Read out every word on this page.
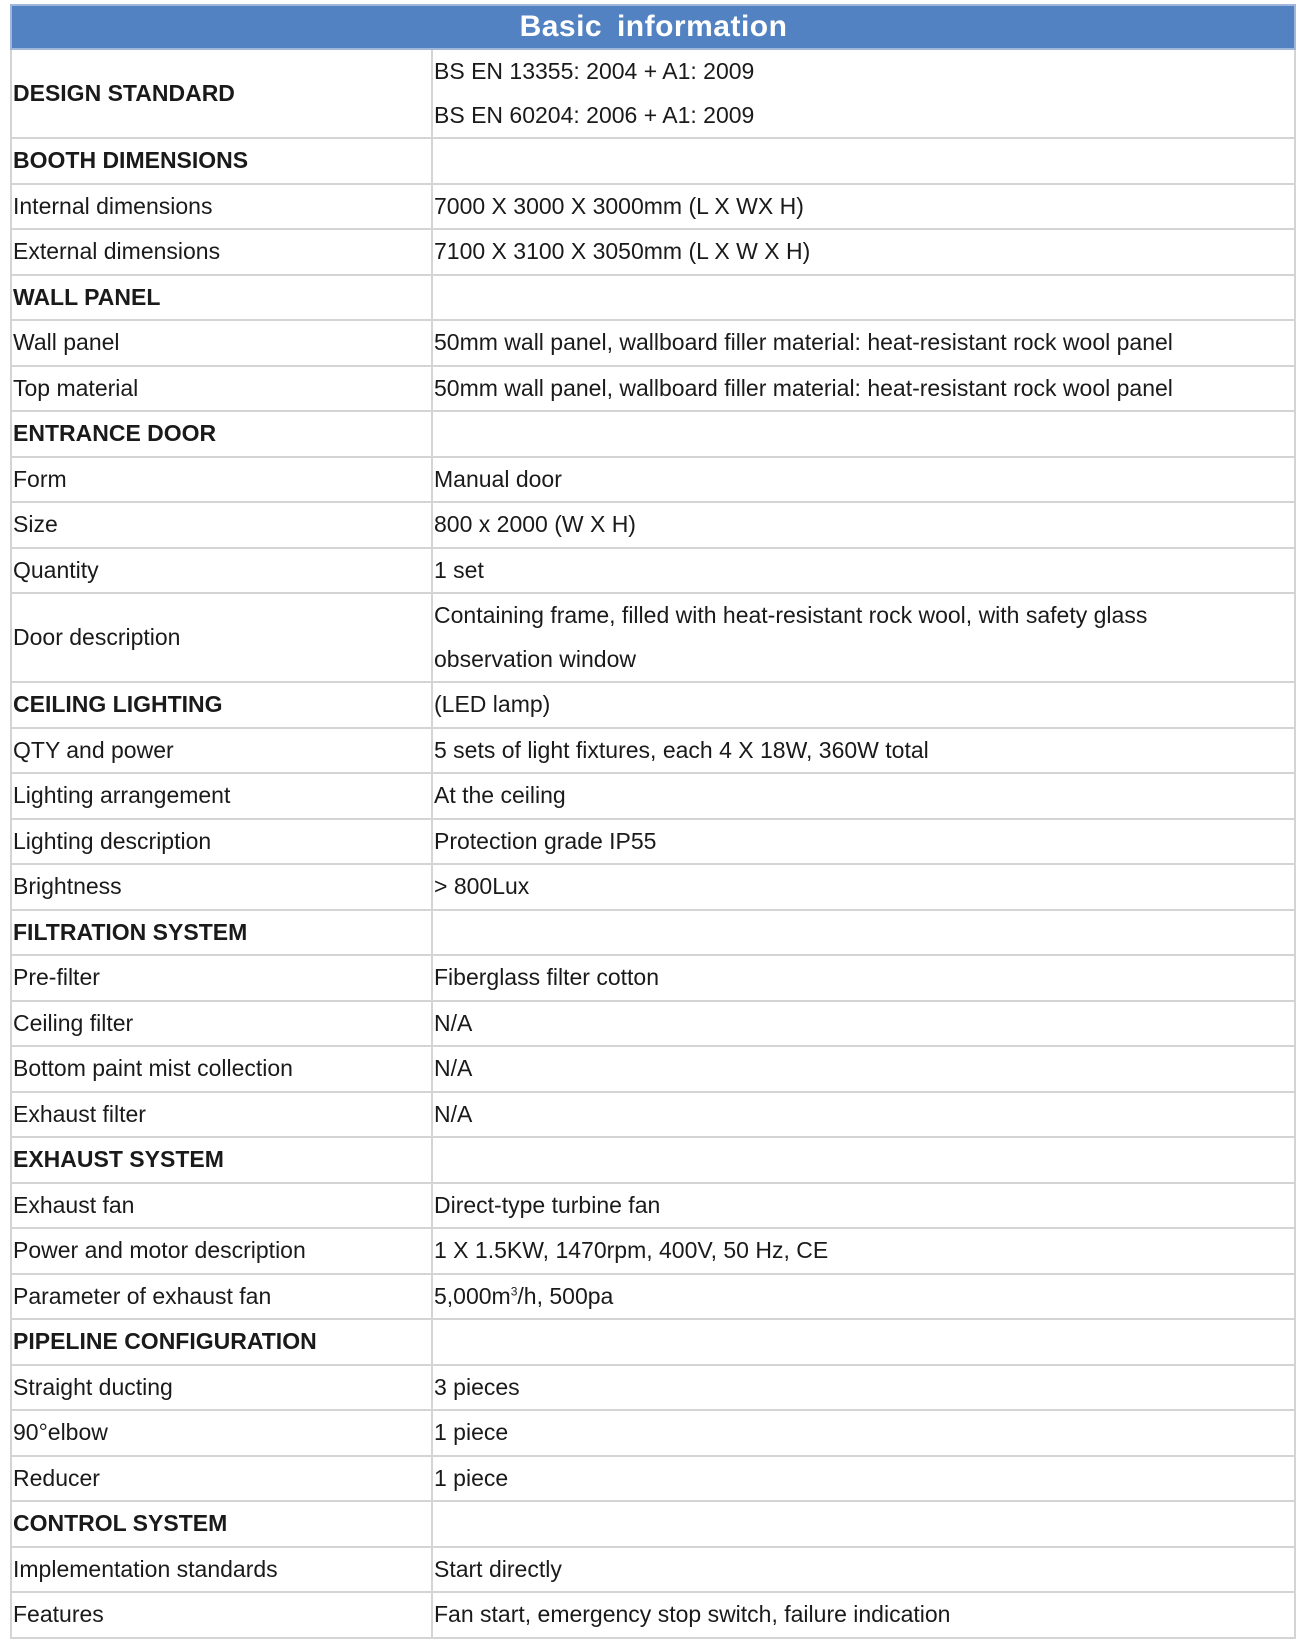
Basic information	
DESIGN STANDARD	BS EN 13355: 2004 + A1: 2009
BS EN 60204: 2006 + A1: 2009

BOOTH DIMENSIONS	
Internal dimensions	7000 X 3000 X 3000mm (L X WX H)
External dimensions	7100 X 3100 X 3050mm (L X W X H)
WALL PANEL	
Wall panel	50mm wall panel, wallboard filler material: heat-resistant rock wool panel
Top material	50mm wall panel, wallboard filler material: heat-resistant rock wool panel
ENTRANCE DOOR	
Form	Manual door
Size	800 x 2000 (W X H)
Quantity	1 set
Door description	Containing frame, filled with heat-resistant rock wool, with safety glass
observation window

CEILING LIGHTING	(LED lamp)
QTY and power	5 sets of light fixtures, each 4 X 18W, 360W total
Lighting arrangement	At the ceiling
Lighting description	Protection grade IP55
Brightness	> 800Lux
FILTRATION SYSTEM	
Pre-filter	Fiberglass filter cotton
Ceiling filter	N/A
Bottom paint mist collection	N/A
Exhaust filter	N/A
EXHAUST SYSTEM	
Exhaust fan	Direct-type turbine fan
Power and motor description	1 X 1.5KW, 1470rpm, 400V, 50 Hz, CE
Parameter of exhaust fan	$5,000m^3/h$, 500pa
PIPELINE CONFIGURATION	
Straight ducting	3 pieces
90°elbow	1 piece
Reducer	1 piece
CONTROL SYSTEM	
Implementation standards	Start directly
Features	Fan start, emergency stop switch, failure indication
